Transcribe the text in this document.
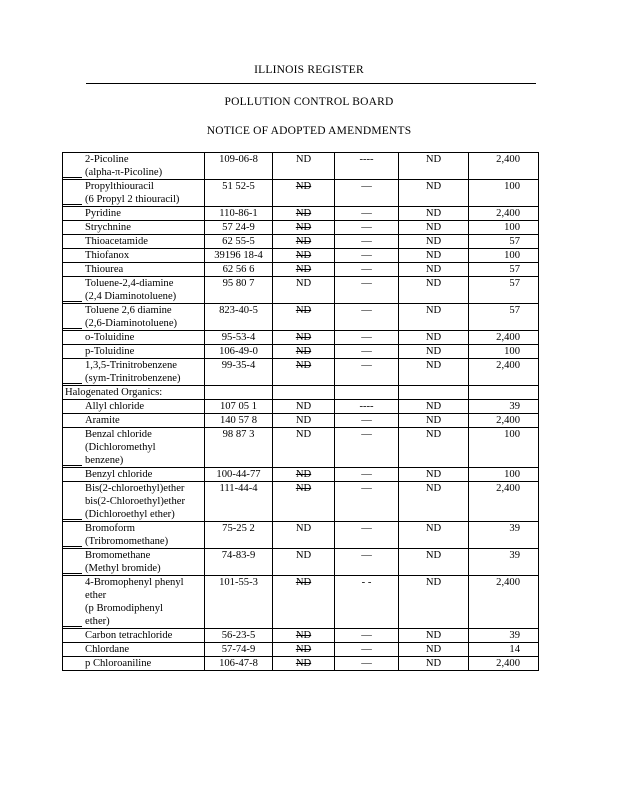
ILLINOIS REGISTER
POLLUTION CONTROL BOARD
NOTICE OF ADOPTED AMENDMENTS
2-Picoline
(alpha-π-Picoline)	109-06-8	ND	----	ND	2,400

Propylthiouracil
(6 Propyl 2 thiouracil)	51 52-5	ND	—	ND	100

Pyridine	110-86-1	ND	—	ND	2,400

Strychnine	57 24-9	ND	—	ND	100

Thioacetamide	62 55-5	ND	—	ND	57

Thiofanox	39196 18-4	ND	—	ND	100

Thiourea	62 56 6	ND	—	ND	57

Toluene-2,4-diamine
(2,4 Diaminotoluene)	95 80 7	ND	—	ND	57

Toluene 2,6 diamine
(2,6-Diaminotoluene)	823-40-5	ND	—	ND	57

o-Toluidine	95-53-4	ND	—	ND	2,400

p-Toluidine	106-49-0	ND	—	ND	100

1,3,5-Trinitrobenzene
(sym-Trinitrobenzene)	99-35-4	ND	—	ND	2,400
Halogenated Organics:					

Allyl chloride	107 05 1	ND	----	ND	39

Aramite	140 57 8	ND	—	ND	2,400

Benzal chloride
(Dichloromethyl
benzene)	98 87 3	ND	—	ND	100

Benzyl chloride	100-44-77	ND	—	ND	100

Bis(2-chloroethyl)ether
bis(2-Chloroethyl)ether
(Dichloroethyl ether)	111-44-4	ND	—	ND	2,400

Bromoform
(Tribromomethane)	75-25 2	ND	—	ND	39

Bromomethane
(Methyl bromide)	74-83-9	ND	—	ND	39

4-Bromophenyl phenyl
ether
(p Bromodiphenyl
ether)	101-55-3	ND	- -	ND	2,400

Carbon tetrachloride	56-23-5	ND	—	ND	39

Chlordane	57-74-9	ND	—	ND	14

p Chloroaniline	106-47-8	ND	—	ND	2,400
